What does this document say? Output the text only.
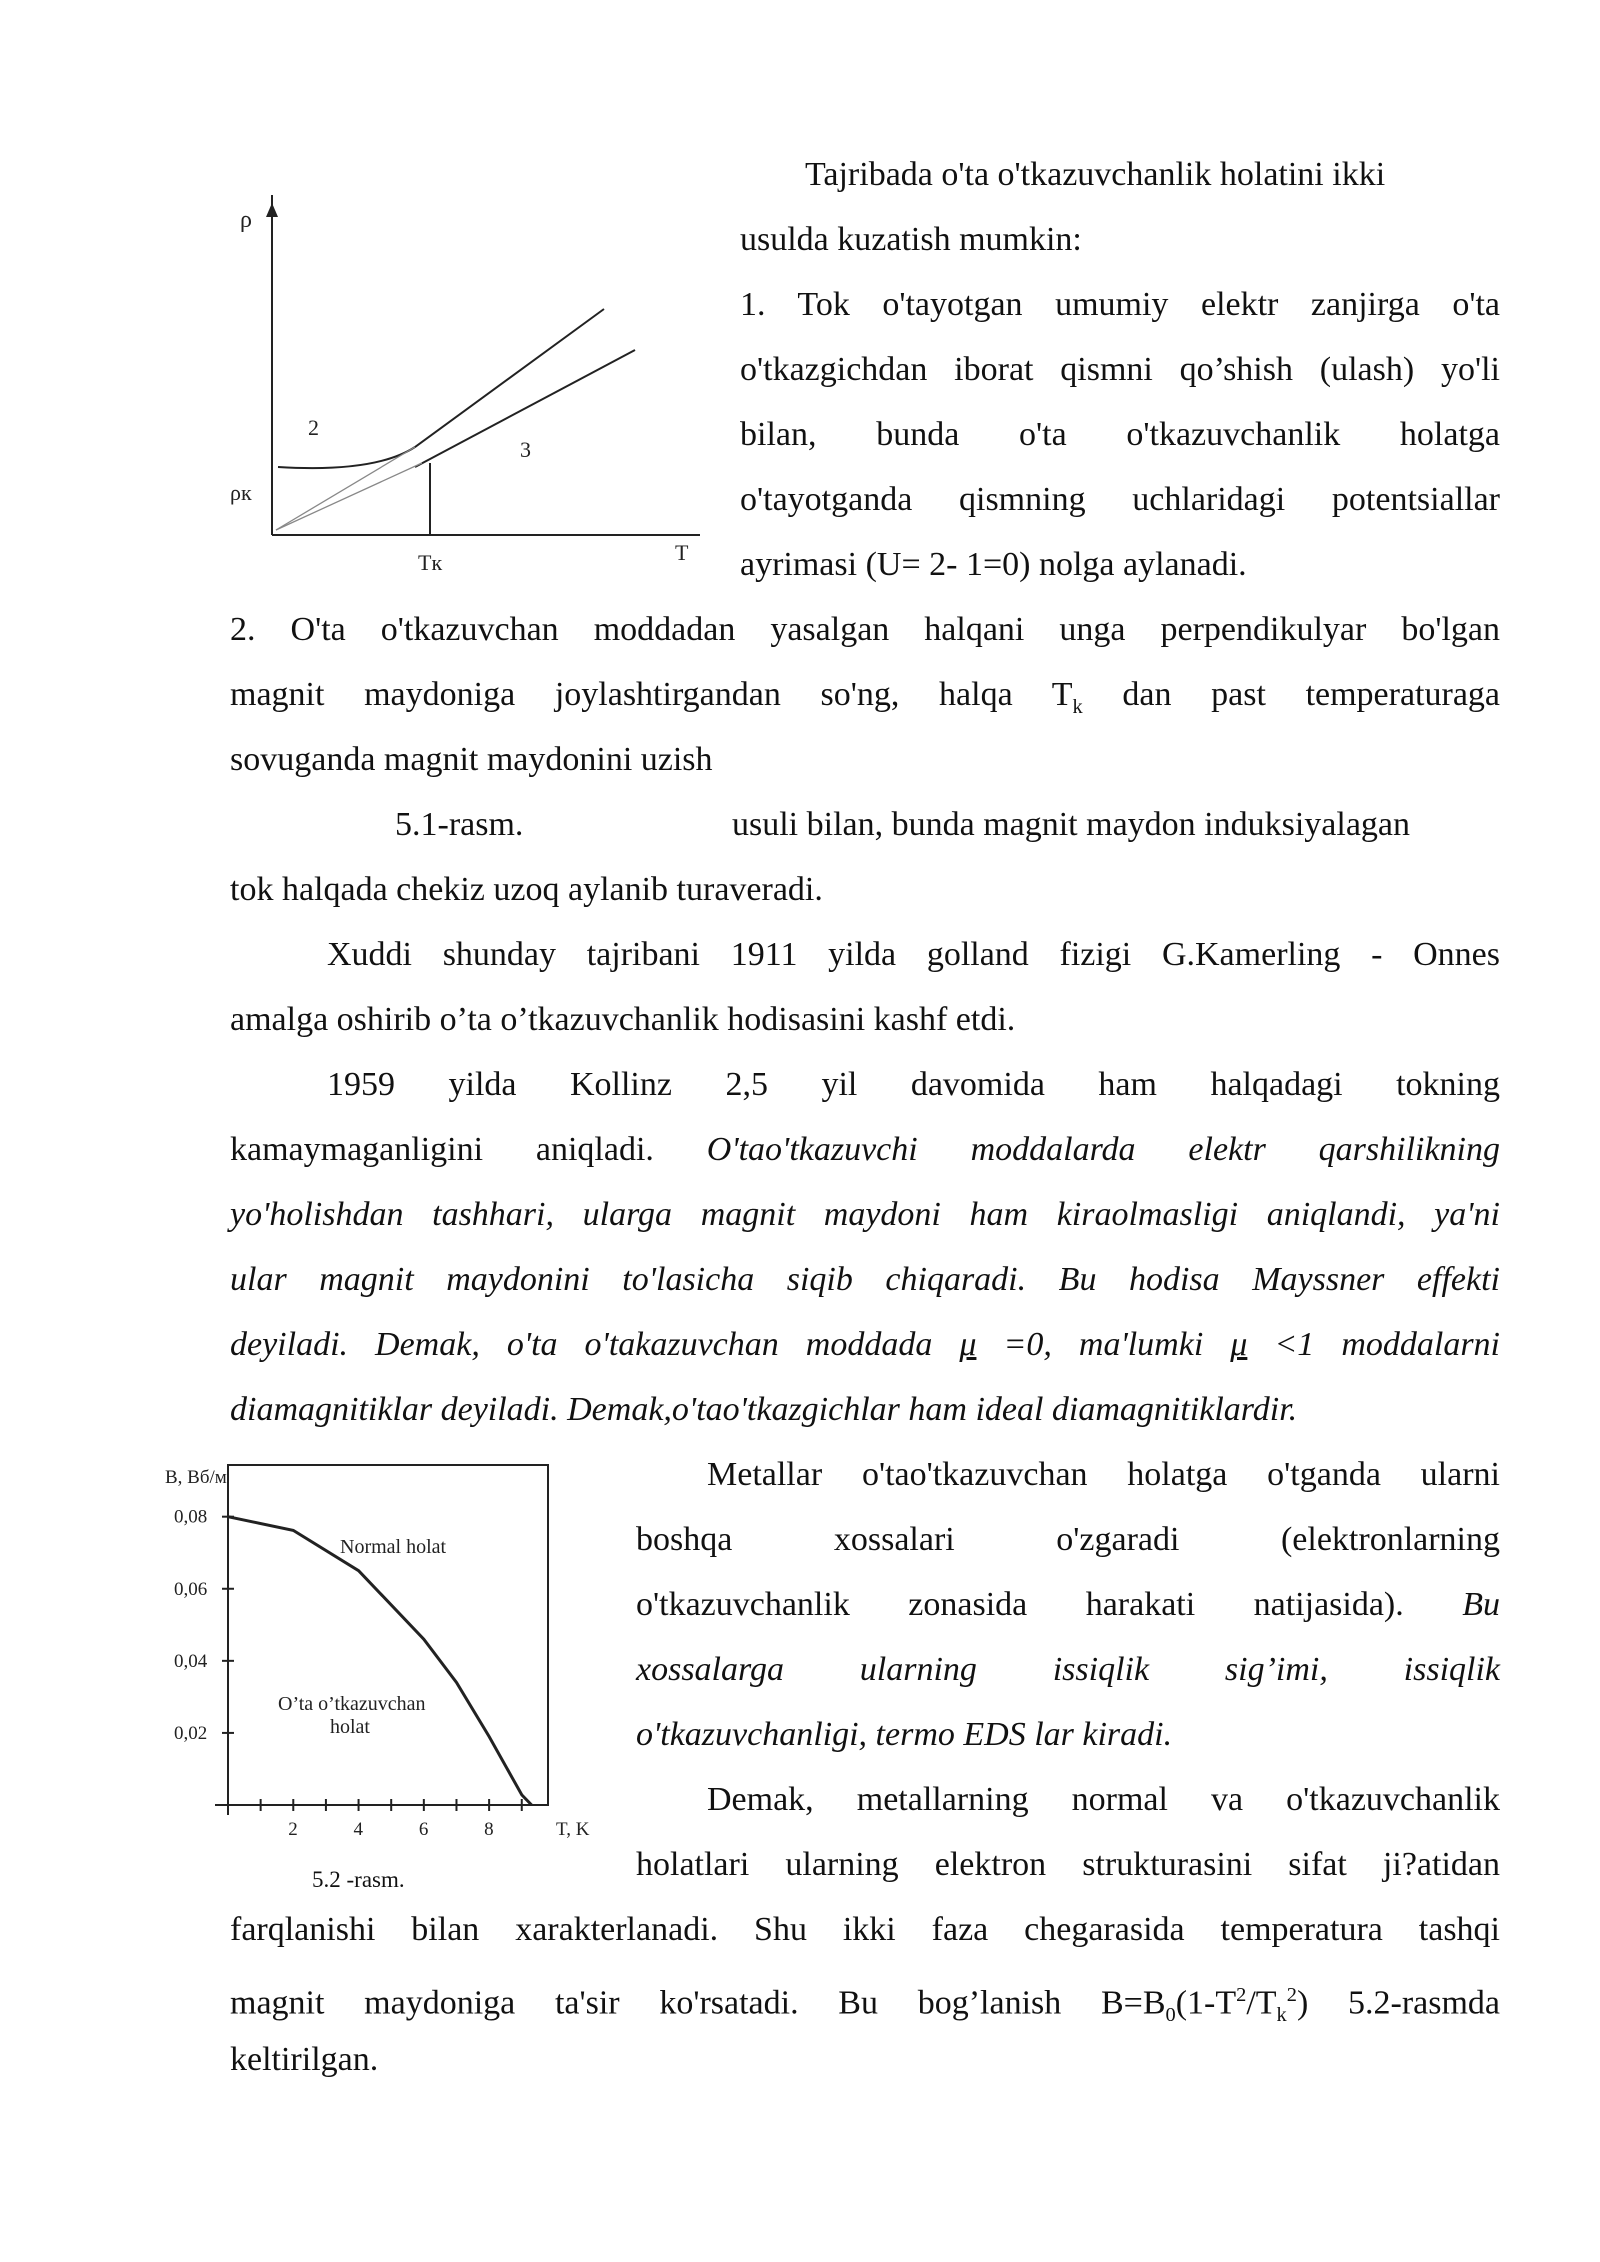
ρ
ρк
2
3
Tк	T
Tajribada o'ta o'tkazuvchanlik holatini ikki
usulda kuzatish mumkin:
1. Tok o'tayotgan umumiy elektr zanjirga o'ta
o'tkazgichdan iborat qismni qo’shish (ulash) yo'li
bilan, bunda o'ta o'tkazuvchanlik holatga
o'tayotganda qismning uchlaridagi potentsiallar
ayrimasi (U= 2- 1=0) nolga aylanadi.
2. O'ta o'tkazuvchan moddadan yasalgan halqani unga perpendikulyar bo'lgan
magnit maydoniga joylashtirgandan so'ng, halqa $T_k$ dan past temperaturaga
sovuganda magnit maydonini uzish
5.1-rasm.	usuli bilan, bunda magnit maydon induksiyalagan
tok halqada chekiz uzoq aylanib turaveradi.
Xuddi shunday tajribani 1911 yilda golland fizigi G.Kamerling - Onnes
amalga oshirib o’ta o’tkazuvchanlik hodisasini kashf etdi.
1959 yilda Kollinz 2,5 yil davomida ham halqadagi tokning
kamaymaganligini aniqladi. O'tao'tkazuvchi moddalarda elektr qarshilikning
yo'holishdan tashhari, ularga magnit maydoni ham kiraolmasligi aniqlandi, ya'ni
ular magnit maydonini to'lasicha siqib chiqaradi. Bu hodisa Mayssner effekti
deyiladi. Demak, o'ta o'takazuvchan moddada μ =0, ma'lumki μ <1 moddalarni
diamagnitiklar deyiladi. Demak,o'tao'tkazgichlar ham ideal diamagnitiklardir.
0,08
0,06
0,04
0,02
2	4	6	8
B, Вб/м
Normal holat
O’ta o’tkazuvchan
holat
T, K
5.2 -rasm.
Metallar o'tao'tkazuvchan holatga o'tganda ularni
boshqa xossalari o'zgaradi (elektronlarning
o'tkazuvchanlik zonasida harakati natijasida). Bu
xossalarga ularning issiqlik sig’imi, issiqlik
o'tkazuvchanligi, termo EDS lar kiradi.
Demak, metallarning normal va o'tkazuvchanlik
holatlari ularning elektron strukturasini sifat ji?atidan
farqlanishi bilan xarakterlanadi. Shu ikki faza chegarasida temperatura tashqi
magnit maydoniga ta'sir ko'rsatadi. Bu bog’lanish $B=B_0(1-T^2/T_k^2)$ 5.2-rasmda
keltirilgan.
